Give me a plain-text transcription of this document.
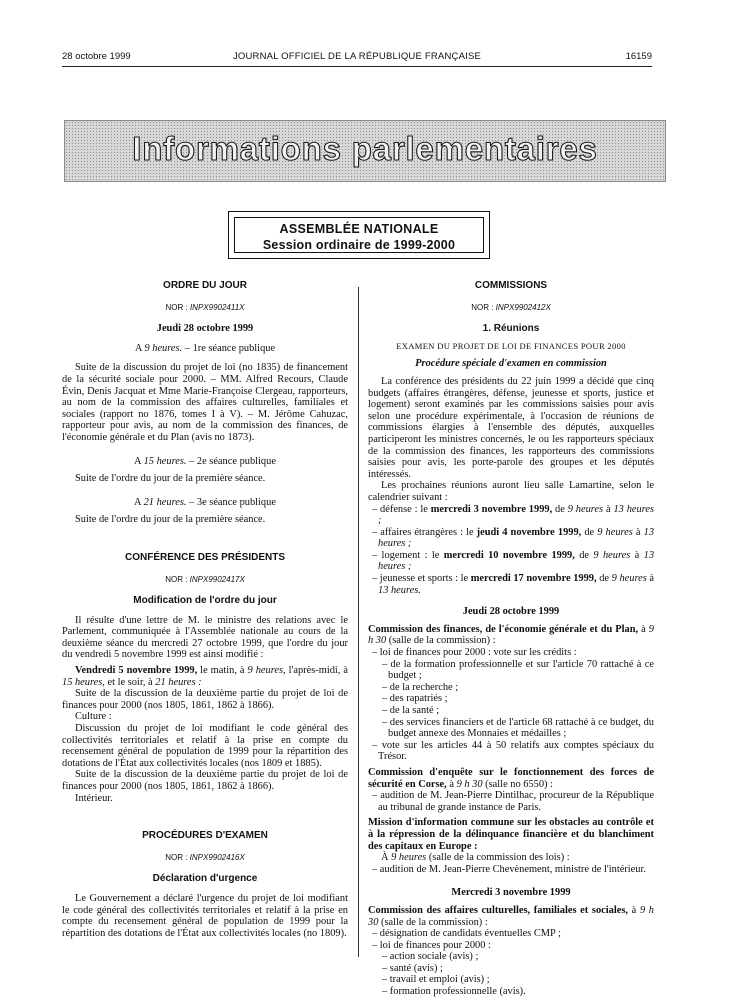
28 octobre 1999	JOURNAL OFFICIEL DE LA RÉPUBLIQUE FRANÇAISE	16159
Informations parlementaires
ASSEMBLÉE NATIONALE
Session ordinaire de 1999-2000

ORDRE DU JOUR

NOR : INPX9902411X

Jeudi 28 octobre 1999

A 9 heures. – 1re séance publique

Suite de la discussion du projet de loi (no 1835) de financement de la sécurité sociale pour 2000. – MM. Alfred Recours, Claude Évin, Denis Jacquat et Mme Marie-Françoise Clergeau, rapporteurs, au nom de la commission des affaires culturelles, familiales et sociales (rapport no 1876, tomes I à V). – M. Jérôme Cahuzac, rapporteur pour avis, au nom de la commission des finances, de l'économie générale et du Plan (avis no 1873).

A 15 heures. – 2e séance publique

Suite de l'ordre du jour de la première séance.

A 21 heures. – 3e séance publique

Suite de l'ordre du jour de la première séance.

CONFÉRENCE DES PRÉSIDENTS

NOR : INPX9902417X

Modification de l'ordre du jour

Il résulte d'une lettre de M. le ministre des relations avec le Parlement, communiquée à l'Assemblée nationale au cours de la deuxième séance du mercredi 27 octobre 1999, que l'ordre du jour du vendredi 5 novembre 1999 est ainsi modifié :

Vendredi 5 novembre 1999, le matin, à 9 heures, l'après-midi, à 15 heures, et le soir, à 21 heures :

Suite de la discussion de la deuxième partie du projet de loi de finances pour 2000 (nos 1805, 1861, 1862 à 1866).

Culture :

Discussion du projet de loi modifiant le code général des collectivités territoriales et relatif à la prise en compte du recensement général de population de 1999 pour la répartition des dotations de l'État aux collectivités locales (nos 1809 et 1885).

Suite de la discussion de la deuxième partie du projet de loi de finances pour 2000 (nos 1805, 1861, 1862 à 1866).

Intérieur.

PROCÉDURES D'EXAMEN

NOR : INPX9902416X

Déclaration d'urgence

Le Gouvernement a déclaré l'urgence du projet de loi modifiant le code général des collectivités territoriales et relatif à la prise en compte du recensement général de population de 1999 pour la répartition des dotations de l'État aux collectivités locales (no 1809).

COMMISSIONS

NOR : INPX9902412X

1. Réunions

EXAMEN DU PROJET DE LOI DE FINANCES POUR 2000

Procédure spéciale d'examen en commission

La conférence des présidents du 22 juin 1999 a décidé que cinq budgets (affaires étrangères, défense, jeunesse et sports, justice et logement) seront examinés par les commissions saisies pour avis selon une procédure expérimentale, à l'occasion de réunions de commissions élargies à l'ensemble des députés, auxquelles participeront les ministres concernés, le ou les rapporteurs spéciaux de la commission des finances, les rapporteurs des commissions saisies pour avis, les porte-parole des groupes et les députés intéressés.

Les prochaines réunions auront lieu salle Lamartine, selon le calendrier suivant :

– défense : le mercredi 3 novembre 1999, de 9 heures à 13 heures ;

– affaires étrangères : le jeudi 4 novembre 1999, de 9 heures à 13 heures ;

– logement : le mercredi 10 novembre 1999, de 9 heures à 13 heures ;

– jeunesse et sports : le mercredi 17 novembre 1999, de 9 heures à 13 heures.

Jeudi 28 octobre 1999

Commission des finances, de l'économie générale et du Plan, à 9 h 30 (salle de la commission) :

– loi de finances pour 2000 : vote sur les crédits :

– de la formation professionnelle et sur l'article 70 rattaché à ce budget ;

– de la recherche ;

– des rapatriés ;

– de la santé ;

– des services financiers et de l'article 68 rattaché à ce budget, du budget annexe des Monnaies et médailles ;

– vote sur les articles 44 à 50 relatifs aux comptes spéciaux du Trésor.

Commission d'enquête sur le fonctionnement des forces de sécurité en Corse, à 9 h 30 (salle no 6550) :

– audition de M. Jean-Pierre Dintilhac, procureur de la République au tribunal de grande instance de Paris.

Mission d'information commune sur les obstacles au contrôle et à la répression de la délinquance financière et du blanchiment des capitaux en Europe :

À 9 heures (salle de la commission des lois) :

– audition de M. Jean-Pierre Chevènement, ministre de l'intérieur.

Mercredi 3 novembre 1999

Commission des affaires culturelles, familiales et sociales, à 9 h 30 (salle de la commission) :

– désignation de candidats éventuelles CMP ;

– loi de finances pour 2000 :

– action sociale (avis) ;

– santé (avis) ;

– travail et emploi (avis) ;

– formation professionnelle (avis).
